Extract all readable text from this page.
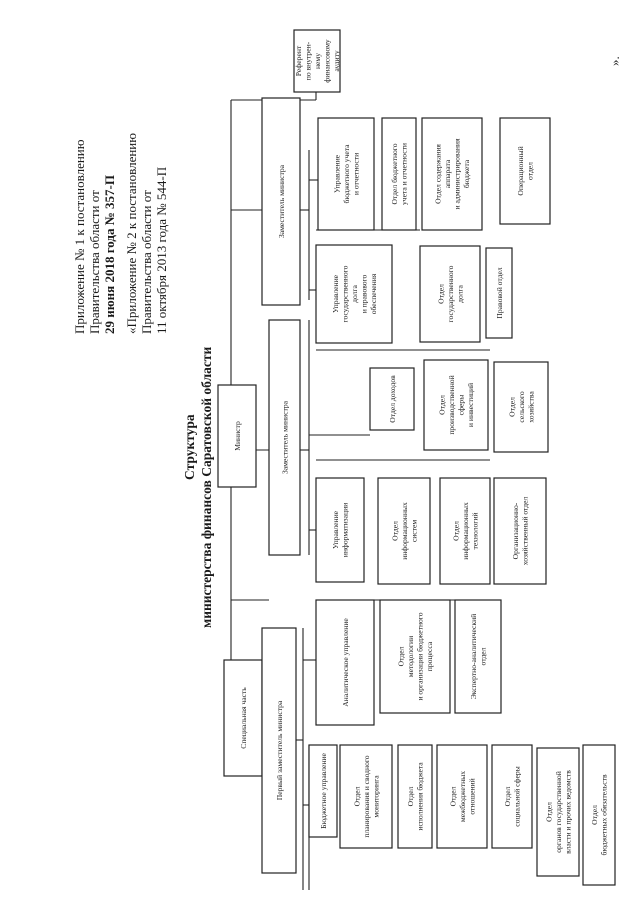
Приложение № 1 к постановлению Правительства области от 29 июня 2018 года № 357-П «Приложение № 2 к постановлению Правительства области от 11 октября 2013 года № 544-П
Структура министерства финансов Саратовской области
».
Министр
Специальная часть
Референтпо внутрен-немуфинансовомуаудиту
Первый заместитель министра
Заместитель министра
Заместитель министра
Бюджетное управление	Отделпланирования и сводногомониторинга	Отделисполнения бюджета	Отделмежбюджетныхотношений	Отделсоциальной сферы	Отделорганов государственнойвласти и прочих ведомств Отделбюджетных обязательств
Аналитическое управление	Отделметодологиии организации бюджетногопроцесса	Экспертно-аналитическийотдел
Управлениеинформатизации	Отделинформационныхсистем	Отделинформационныхтехнологий	Организационно-хозяйственный отдел
Отдел доходов	Отделпроизводственнойсферыи инвестиций	Отделсельскогохозяйства
Управлениегосударственногодолгаи правовогообеспечения	Отделгосударственногодолга	Правовой отдел
Управлениебюджетного учетаи отчетности	Отдел бюджетногоучета и отчетности	Отдел содержанияаппаратаи администрированиябюджета	Операционныйотдел
